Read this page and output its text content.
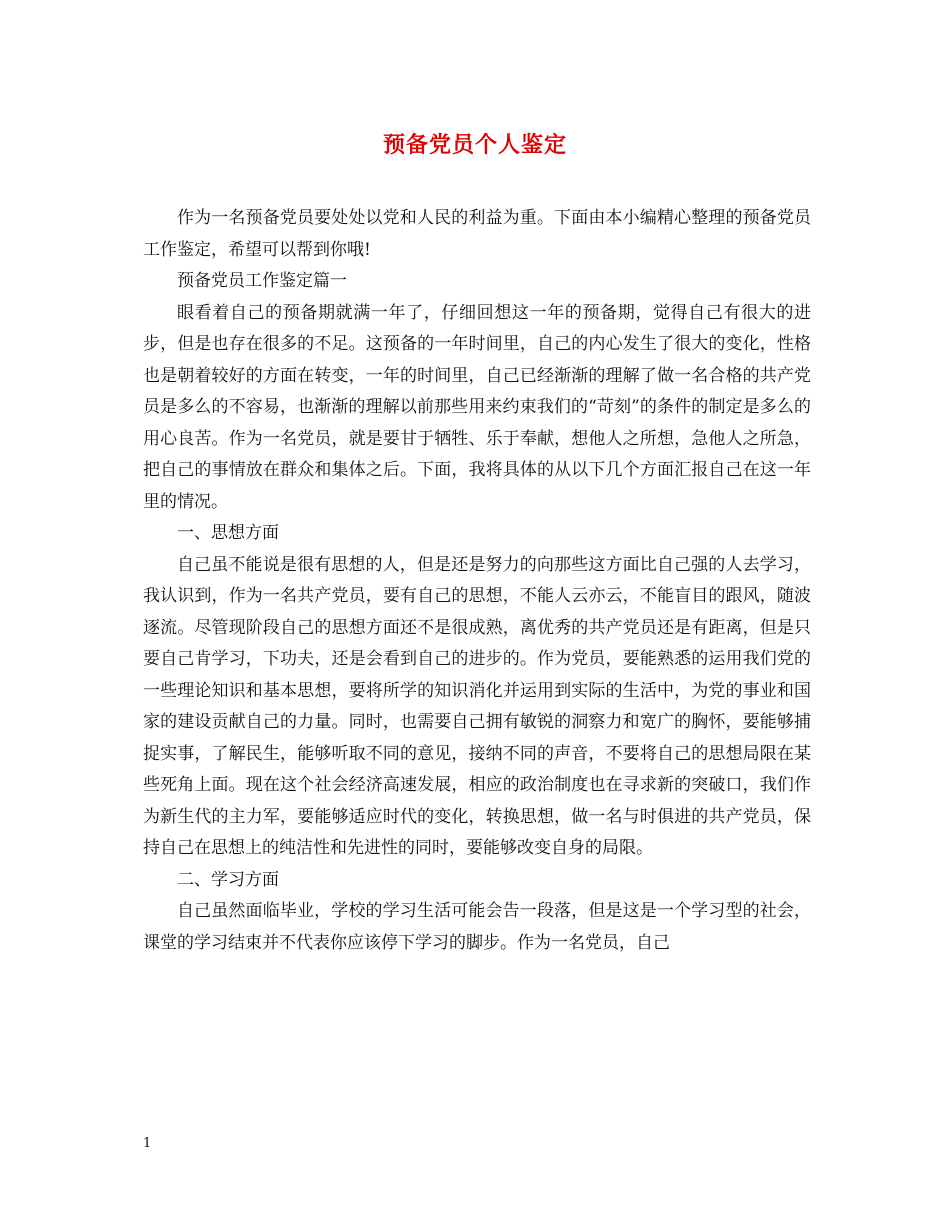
预备党员个人鉴定

作为一名预备党员要处处以党和人民的利益为重。下面由本小编精心整理的预备党员工作鉴定，希望可以帮到你哦!

预备党员工作鉴定篇一

眼看着自己的预备期就满一年了，仔细回想这一年的预备期，觉得自己有很大的进步，但是也存在很多的不足。这预备的一年时间里，自己的内心发生了很大的变化，性格也是朝着较好的方面在转变，一年的时间里，自己已经渐渐的理解了做一名合格的共产党员是多么的不容易，也渐渐的理解以前那些用来约束我们的“苛刻”的条件的制定是多么的用心良苦。作为一名党员，就是要甘于牺牲、乐于奉献，想他人之所想，急他人之所急，把自己的事情放在群众和集体之后。下面，我将具体的从以下几个方面汇报自己在这一年里的情况。

一、思想方面

自己虽不能说是很有思想的人，但是还是努力的向那些这方面比自己强的人去学习，我认识到，作为一名共产党员，要有自己的思想，不能人云亦云，不能盲目的跟风，随波逐流。尽管现阶段自己的思想方面还不是很成熟，离优秀的共产党员还是有距离，但是只要自己肯学习，下功夫，还是会看到自己的进步的。作为党员，要能熟悉的运用我们党的一些理论知识和基本思想，要将所学的知识消化并运用到实际的生活中，为党的事业和国家的建设贡献自己的力量。同时，也需要自己拥有敏锐的洞察力和宽广的胸怀，要能够捕捉实事，了解民生，能够听取不同的意见，接纳不同的声音，不要将自己的思想局限在某些死角上面。现在这个社会经济高速发展，相应的政治制度也在寻求新的突破口，我们作为新生代的主力军，要能够适应时代的变化，转换思想，做一名与时俱进的共产党员，保持自己在思想上的纯洁性和先进性的同时，要能够改变自身的局限。

二、学习方面

自己虽然面临毕业，学校的学习生活可能会告一段落，但是这是一个学习型的社会，课堂的学习结束并不代表你应该停下学习的脚步。作为一名党员，自己

1
